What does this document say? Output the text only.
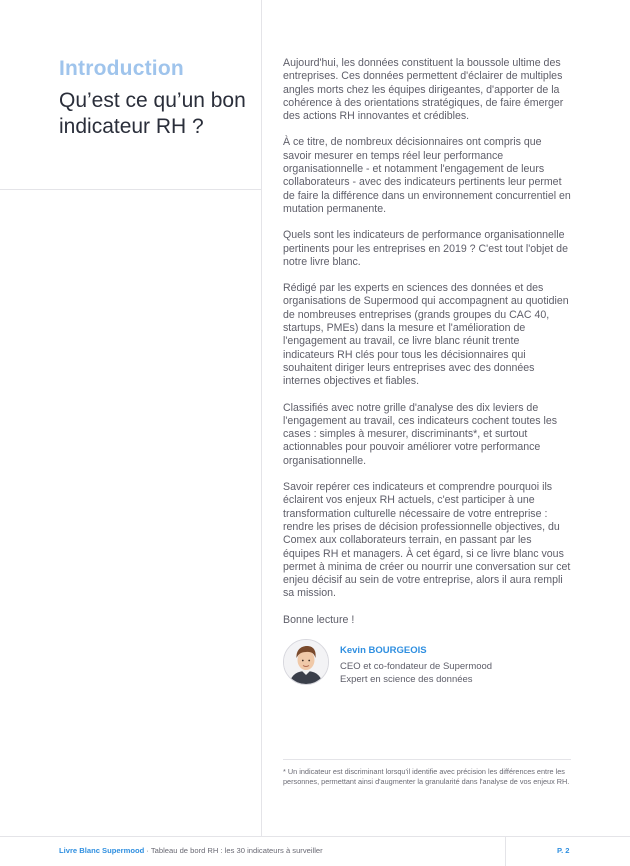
Introduction
Qu’est ce qu’un bon indicateur RH ?

Aujourd'hui, les données constituent la boussole ultime des entreprises. Ces données permettent d'éclairer de multiples angles morts chez les équipes dirigeantes, d'apporter de la cohérence à des orientations stratégiques, de faire émerger des actions RH innovantes et crédibles.

À ce titre, de nombreux décisionnaires ont compris que savoir mesurer en temps réel leur performance organisationnelle - et notamment l'engagement de leurs collaborateurs - avec des indicateurs pertinents leur permet de faire la différence dans un environnement concurrentiel en mutation permanente.

Quels sont les indicateurs de performance organisationnelle pertinents pour les entreprises en 2019 ? C'est tout l'objet de notre livre blanc.

Rédigé par les experts en sciences des données et des organisations de Supermood qui accompagnent au quotidien de nombreuses entreprises (grands groupes du CAC 40, startups, PMEs) dans la mesure et l'amélioration de l'engagement au travail, ce livre blanc réunit trente indicateurs RH clés pour tous les décisionnaires qui souhaitent diriger leurs entreprises avec des données internes objectives et fiables.

Classifiés avec notre grille d'analyse des dix leviers de l'engagement au travail, ces indicateurs cochent toutes les cases : simples à mesurer, discriminants*, et surtout actionnables pour pouvoir améliorer votre performance organisationnelle.

Savoir repérer ces indicateurs et comprendre pourquoi ils éclairent vos enjeux RH actuels, c'est participer à une transformation culturelle nécessaire de votre entreprise : rendre les prises de décision professionnelle objectives, du Comex aux collaborateurs terrain, en passant par les équipes RH et managers. À cet égard, si ce livre blanc vous permet à minima de créer ou nourrir une conversation sur cet enjeu décisif au sein de votre entreprise, alors il aura rempli sa mission.

Bonne lecture !
Kevin BOURGEOIS
CEO et co-fondateur de Supermood
Expert en science des données
* Un indicateur est discriminant lorsqu'il identifie avec précision les différences entre les personnes, permettant ainsi d'augmenter la granularité dans l'analyse de vos enjeux RH.
Livre Blanc Supermood · Tableau de bord RH : les 30 indicateurs à surveiller	P. 2
